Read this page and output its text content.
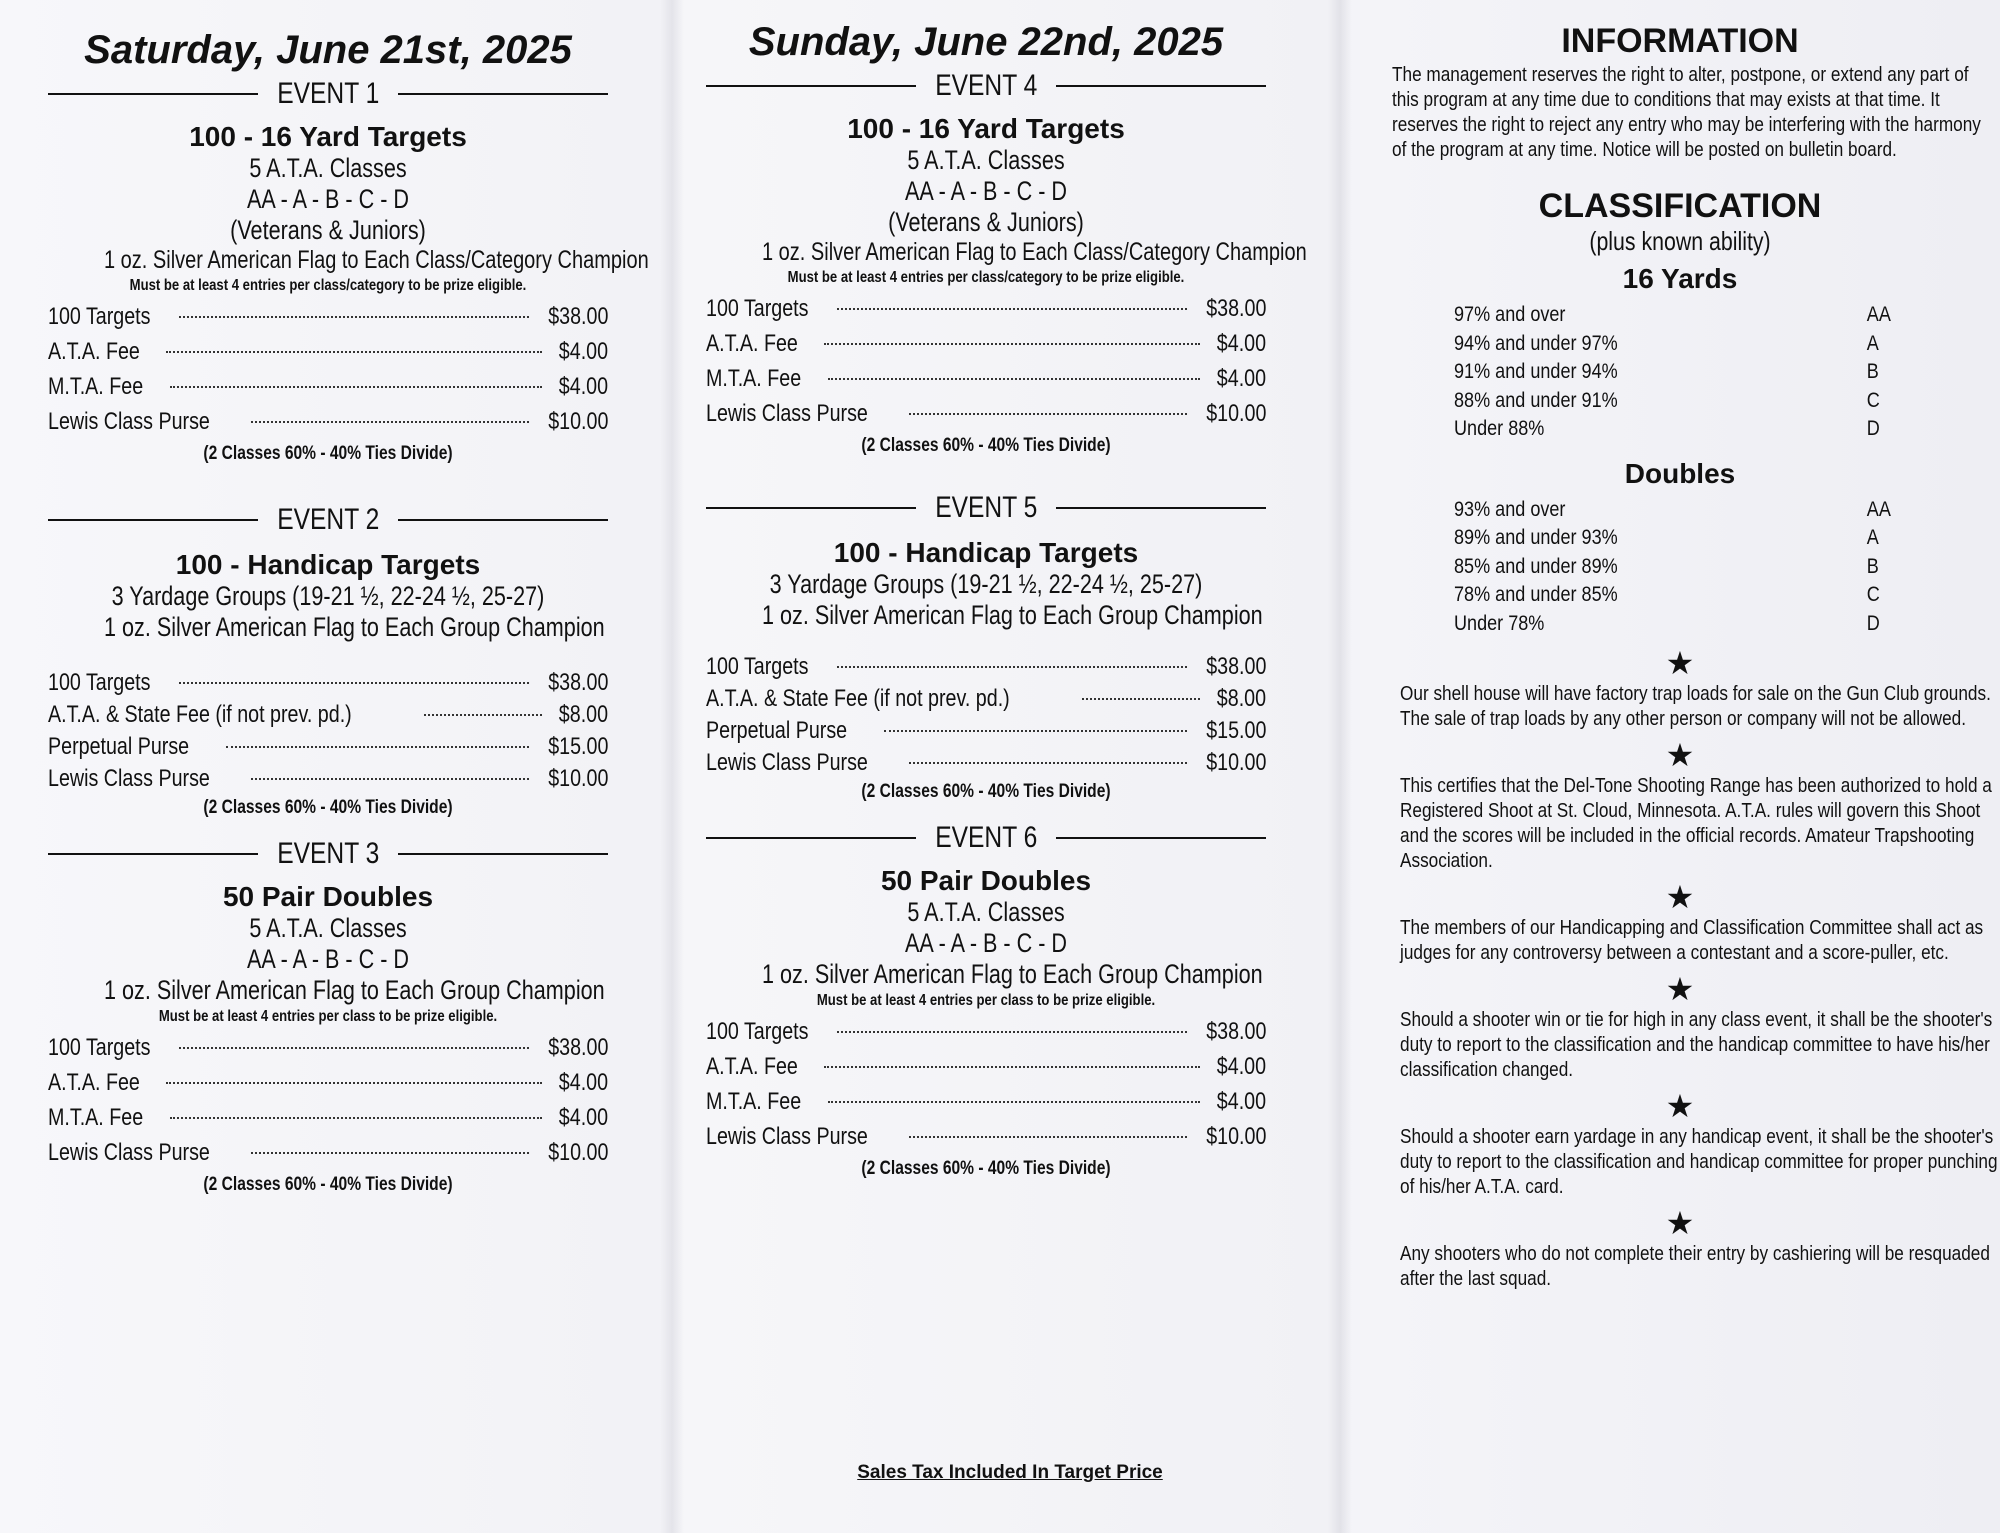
Saturday, June 21st, 2025
EVENT 1

100 - 16 Yard Targets

5 A.T.A. Classes

AA - A - B - C - D

(Veterans & Juniors)

1 oz. Silver American Flag to Each Class/Category Champion

Must be at least 4 entries per class/category to be prize eligible.

100 Targets	$38.00
A.T.A. Fee	$4.00
M.T.A. Fee	$4.00
Lewis Class Purse	$10.00

(2 Classes 60% - 40% Ties Divide)

EVENT 2

100 - Handicap Targets

3 Yardage Groups (19-21 ½, 22-24 ½, 25-27)

1 oz. Silver American Flag to Each Group Champion

100 Targets	$38.00
A.T.A. & State Fee (if not prev. pd.)	$8.00
Perpetual Purse	$15.00
Lewis Class Purse	$10.00

(2 Classes 60% - 40% Ties Divide)

EVENT 3

50 Pair Doubles

5 A.T.A. Classes

AA - A - B - C - D

1 oz. Silver American Flag to Each Group Champion

Must be at least 4 entries per class to be prize eligible.

100 Targets	$38.00
A.T.A. Fee	$4.00
M.T.A. Fee	$4.00
Lewis Class Purse	$10.00

(2 Classes 60% - 40% Ties Divide)

Sunday, June 22nd, 2025
EVENT 4

100 - 16 Yard Targets

5 A.T.A. Classes

AA - A - B - C - D

(Veterans & Juniors)

1 oz. Silver American Flag to Each Class/Category Champion

Must be at least 4 entries per class/category to be prize eligible.

100 Targets	$38.00
A.T.A. Fee	$4.00
M.T.A. Fee	$4.00
Lewis Class Purse	$10.00

(2 Classes 60% - 40% Ties Divide)

EVENT 5

100 - Handicap Targets

3 Yardage Groups (19-21 ½, 22-24 ½, 25-27)

1 oz. Silver American Flag to Each Group Champion

100 Targets	$38.00
A.T.A. & State Fee (if not prev. pd.)	$8.00
Perpetual Purse	$15.00
Lewis Class Purse	$10.00

(2 Classes 60% - 40% Ties Divide)

EVENT 6

50 Pair Doubles

5 A.T.A. Classes

AA - A - B - C - D

1 oz. Silver American Flag to Each Group Champion

Must be at least 4 entries per class to be prize eligible.

100 Targets	$38.00
A.T.A. Fee	$4.00
M.T.A. Fee	$4.00
Lewis Class Purse	$10.00

(2 Classes 60% - 40% Ties Divide)

Sales Tax Included In Target Price
INFORMATION

The management reserves the right to alter, postpone, or extend any part of this program at any time due to conditions that may exists at that time. It reserves the right to reject any entry who may be interfering with the harmony of the program at any time. Notice will be posted on bulletin board.

CLASSIFICATION
(plus known ability)
16 Yards
97% and over	AA
94% and under 97%	A
91% and under 94%	B
88% and under 91%	C
Under 88%	D
Doubles
93% and over	AA
89% and under 93%	A
85% and under 89%	B
78% and under 85%	C
Under 78%	D
★

Our shell house will have factory trap loads for sale on the Gun Club grounds. The sale of trap loads by any other person or company will not be allowed.

★

This certifies that the Del-Tone Shooting Range has been authorized to hold a Registered Shoot at St. Cloud, Minnesota. A.T.A. rules will govern this Shoot and the scores will be included in the official records. Amateur Trapshooting Association.

★

The members of our Handicapping and Classification Committee shall act as judges for any controversy between a contestant and a score-puller, etc.

★

Should a shooter win or tie for high in any class event, it shall be the shooter's duty to report to the classification and the handicap committee to have his/her classification changed.

★

Should a shooter earn yardage in any handicap event, it shall be the shooter's duty to report to the classification and handicap committee for proper punching of his/her A.T.A. card.

★

Any shooters who do not complete their entry by cashiering will be resquaded after the last squad.
